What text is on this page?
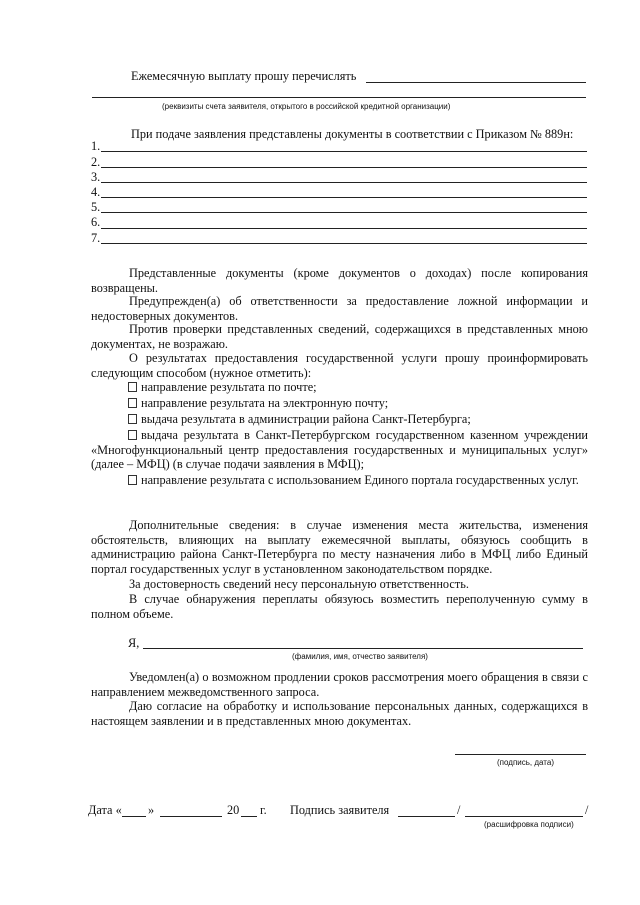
Ежемесячную выплату прошу перечислять
(реквизиты счета заявителя, открытого в российской кредитной организации)
При подаче заявления представлены документы в соответствии с Приказом № 889н:
1.
2.
3.
4.
5.
6.
7.
Представленные документы (кроме документов о доходах) после копирования возвращены.
Предупрежден(а) об ответственности за предоставление ложной информации и недостоверных документов.
Против проверки представленных сведений, содержащихся в представленных мною документах, не возражаю.
О результатах предоставления государственной услуги прошу проинформировать следующим способом (нужное отметить):
направление результата по почте;
направление результата на электронную почту;
выдача результата в администрации района Санкт-Петербурга;
выдача результата в Санкт-Петербургском государственном казенном учреждении «Многофункциональный центр предоставления государственных и муниципальных услуг» (далее – МФЦ) (в случае подачи заявления в МФЦ);
направление результата с использованием Единого портала государственных услуг.
Дополнительные сведения: в случае изменения места жительства, изменения обстоятельств, влияющих на выплату ежемесячной выплаты, обязуюсь сообщить в администрацию района Санкт-Петербурга по месту назначения либо в МФЦ либо Единый портал государственных услуг в установленном законодательством порядке.
За достоверность сведений несу персональную ответственность.
В случае обнаружения переплаты обязуюсь возместить переполученную сумму в полном объеме.
Я,
(фамилия, имя, отчество заявителя)
Уведомлен(а) о возможном продлении сроков рассмотрения моего обращения в связи с направлением межведомственного запроса.
Даю согласие на обработку и использование персональных данных, содержащихся в настоящем заявлении и в представленных мною документах.
(подпись, дата)
Дата « »	20 г. Подпись заявителя	/	/
(расшифровка подписи)
